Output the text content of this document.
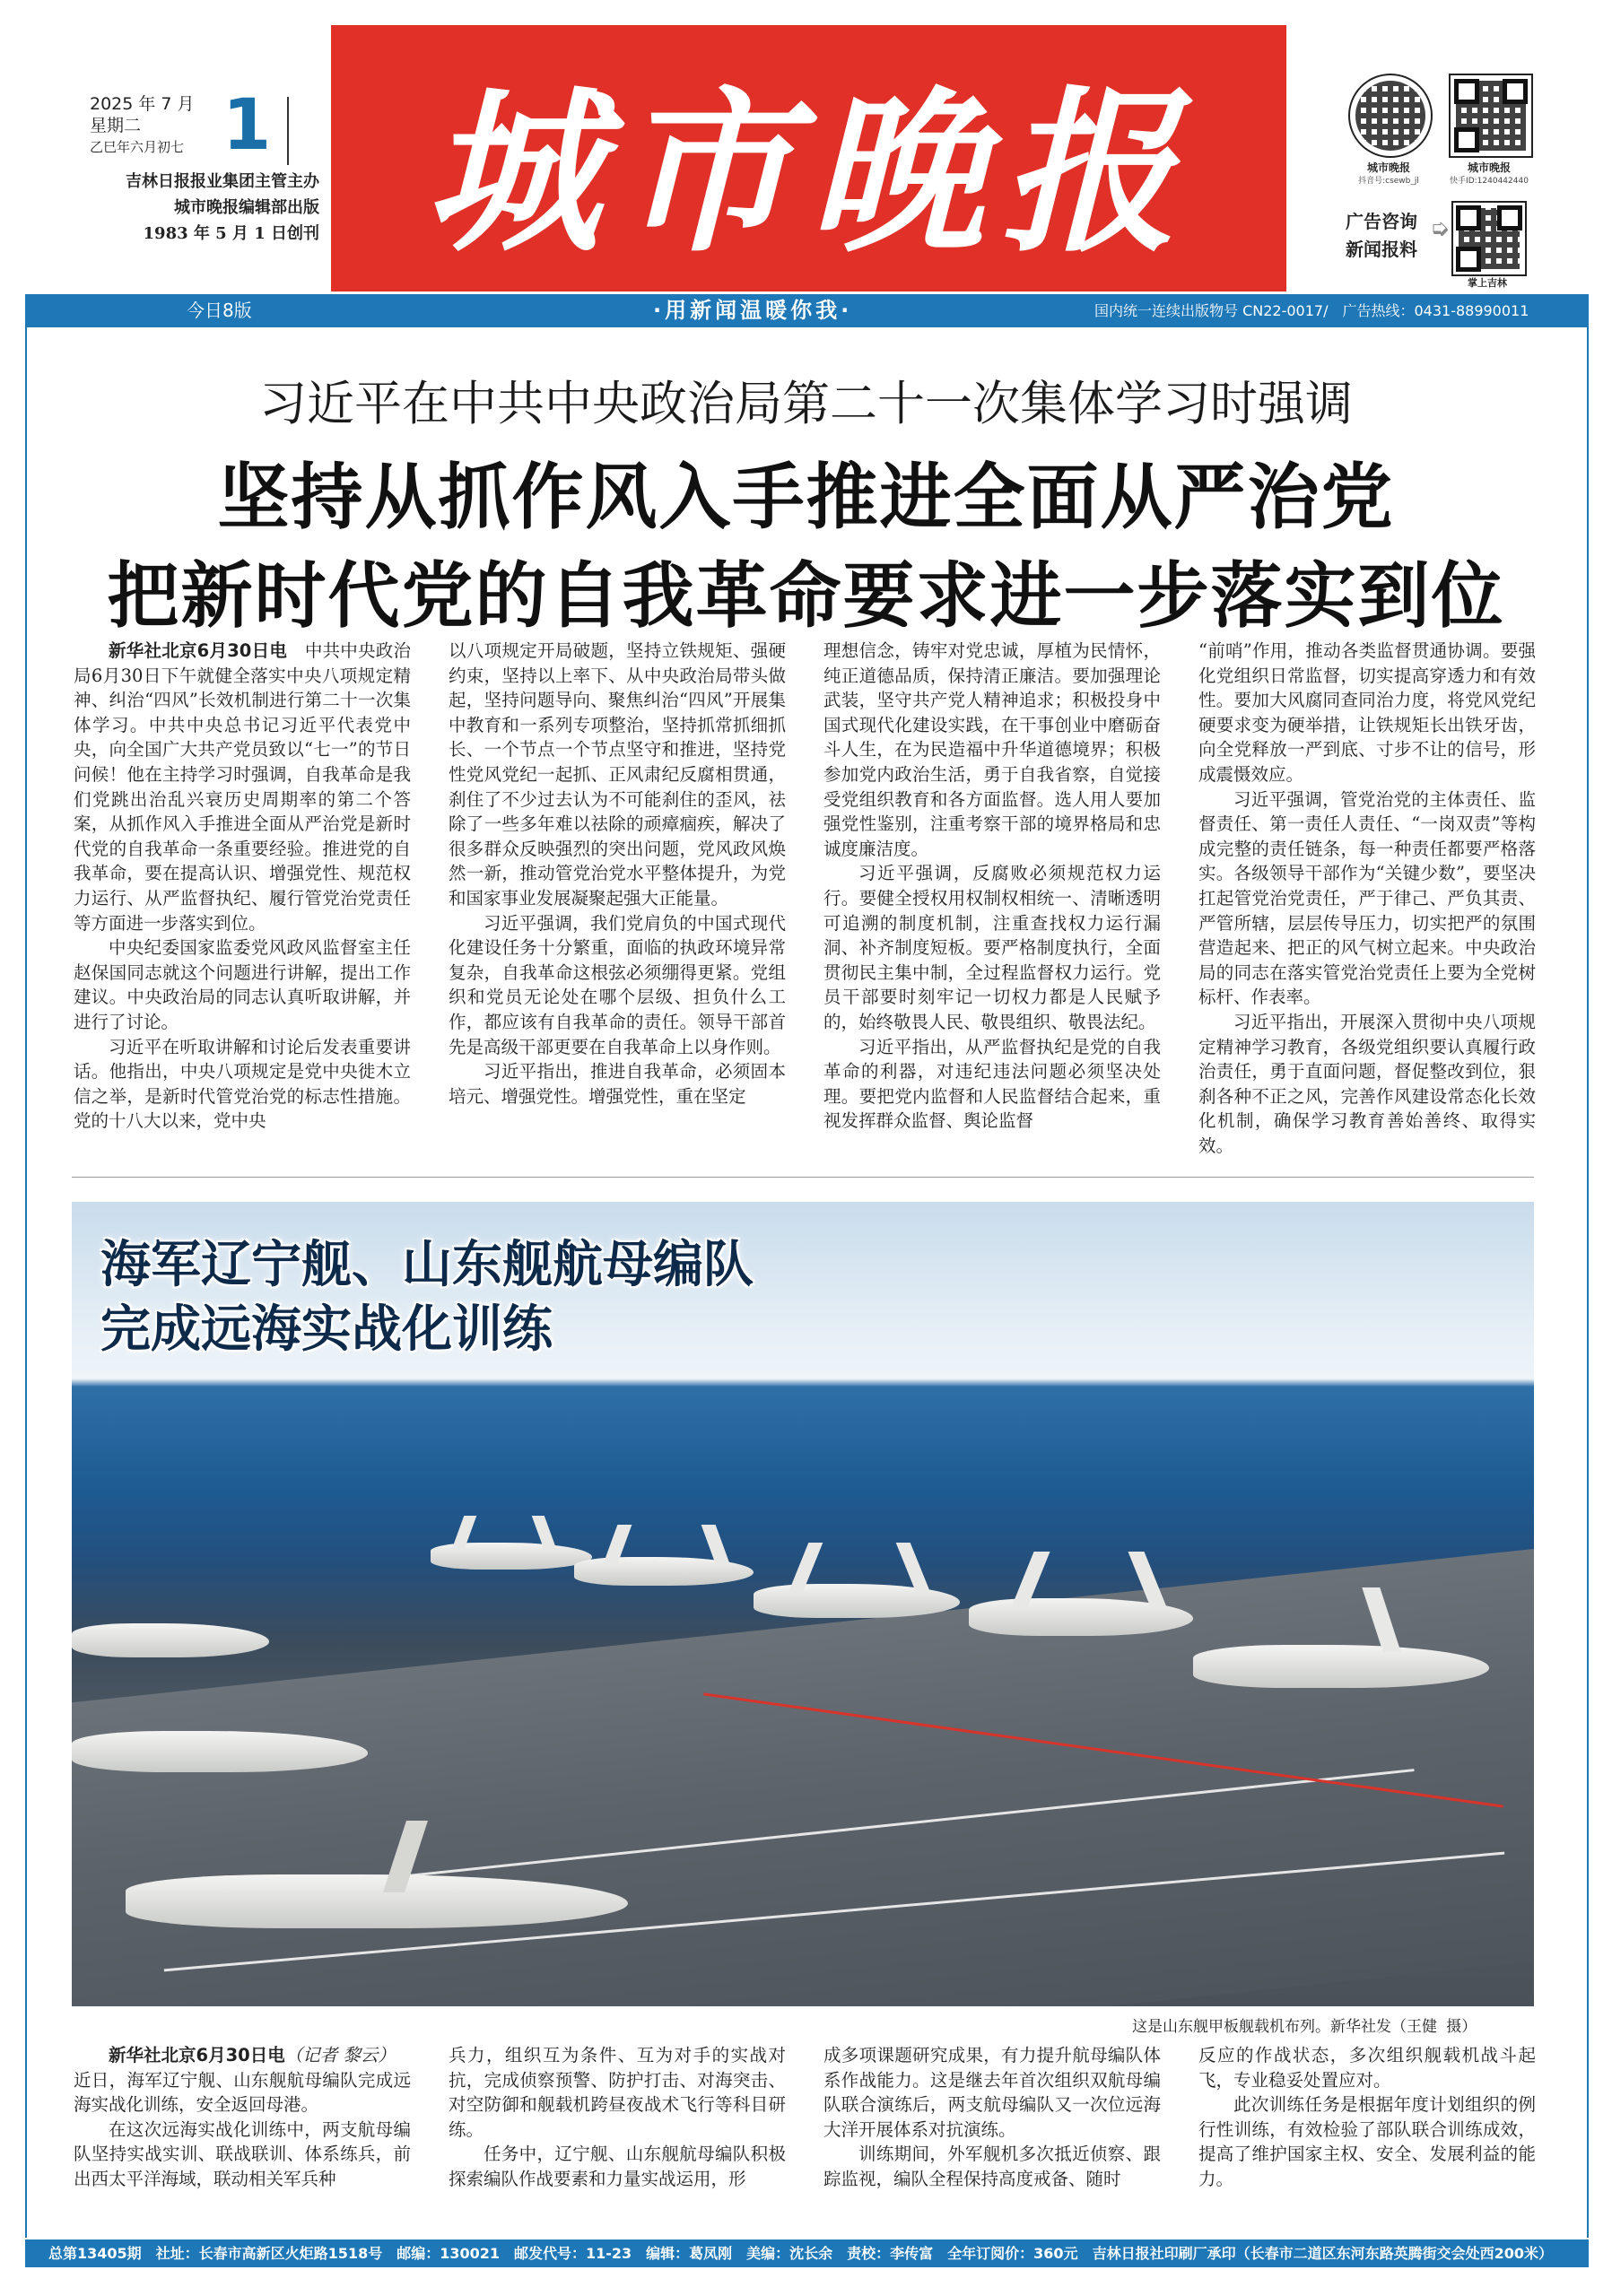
2025 年 7 月
星期二
乙巳年六月初七 1
吉林日报报业集团主管主办
城市晚报编辑部出版
1983 年 5 月 1 日创刊 城市晚报	城市晚报
抖音号:csewb_jl
城市晚报
快手ID:1240442440
广告咨询
新闻报料
➭
掌上吉林
今日8版	·用新闻温暖你我·	国内统一连续出版物号 CN22-0017/　广告热线：0431-88990011
习近平在中共中央政治局第二十一次集体学习时强调
坚持从抓作风入手推进全面从严治党
把新时代党的自我革命要求进一步落实到位

新华社北京6月30日电　 中共中央政治局6月30日下午就健全落实中央八项规定精神、纠治“四风”长效机制进行第二十一次集体学习。中共中央总书记习近平代表党中央，向全国广大共产党员致以“七一”的节日问候！他在主持学习时强调，自我革命是我们党跳出治乱兴衰历史周期率的第二个答案，从抓作风入手推进全面从严治党是新时代党的自我革命一条重要经验。推进党的自我革命，要在提高认识、增强党性、规范权力运行、从严监督执纪、履行管党治党责任等方面进一步落实到位。

中央纪委国家监委党风政风监督室主任赵保国同志就这个问题进行讲解，提出工作建议。中央政治局的同志认真听取讲解，并进行了讨论。

习近平在听取讲解和讨论后发表重要讲话。他指出，中央八项规定是党中央徙木立信之举，是新时代管党治党的标志性措施。党的十八大以来，党中央

以八项规定开局破题，坚持立铁规矩、强硬约束，坚持以上率下、从中央政治局带头做起，坚持问题导向、聚焦纠治“四风”开展集中教育和一系列专项整治，坚持抓常抓细抓长、一个节点一个节点坚守和推进，坚持党性党风党纪一起抓、正风肃纪反腐相贯通，刹住了不少过去认为不可能刹住的歪风，祛除了一些多年难以祛除的顽瘴痼疾，解决了很多群众反映强烈的突出问题，党风政风焕然一新，推动管党治党水平整体提升，为党和国家事业发展凝聚起强大正能量。

习近平强调，我们党肩负的中国式现代化建设任务十分繁重，面临的执政环境异常复杂，自我革命这根弦必须绷得更紧。党组织和党员无论处在哪个层级、担负什么工作，都应该有自我革命的责任。领导干部首先是高级干部更要在自我革命上以身作则。

习近平指出，推进自我革命，必须固本培元、增强党性。增强党性，重在坚定

理想信念，铸牢对党忠诚，厚植为民情怀，纯正道德品质，保持清正廉洁。要加强理论武装，坚守共产党人精神追求；积极投身中国式现代化建设实践，在干事创业中磨砺奋斗人生，在为民造福中升华道德境界；积极参加党内政治生活，勇于自我省察，自觉接受党组织教育和各方面监督。选人用人要加强党性鉴别，注重考察干部的境界格局和忠诚度廉洁度。

习近平强调，反腐败必须规范权力运行。要健全授权用权制权相统一、清晰透明可追溯的制度机制，注重查找权力运行漏洞、补齐制度短板。要严格制度执行，全面贯彻民主集中制，全过程监督权力运行。党员干部要时刻牢记一切权力都是人民赋予的，始终敬畏人民、敬畏组织、敬畏法纪。

习近平指出，从严监督执纪是党的自我革命的利器，对违纪违法问题必须坚决处理。要把党内监督和人民监督结合起来，重视发挥群众监督、舆论监督

“前哨”作用，推动各类监督贯通协调。要强化党组织日常监督，切实提高穿透力和有效性。要加大风腐同查同治力度，将党风党纪硬要求变为硬举措，让铁规矩长出铁牙齿，向全党释放一严到底、寸步不让的信号，形成震慑效应。

习近平强调，管党治党的主体责任、监督责任、第一责任人责任、“一岗双责”等构成完整的责任链条，每一种责任都要严格落实。各级领导干部作为“关键少数”，要坚决扛起管党治党责任，严于律己、严负其责、严管所辖，层层传导压力，切实把严的氛围营造起来、把正的风气树立起来。中央政治局的同志在落实管党治党责任上要为全党树标杆、作表率。

习近平指出，开展深入贯彻中央八项规定精神学习教育，各级党组织要认真履行政治责任，勇于直面问题，督促整改到位，狠刹各种不正之风，完善作风建设常态化长效化机制，确保学习教育善始善终、取得实效。

海军辽宁舰、山东舰航母编队
完成远海实战化训练
这是山东舰甲板舰载机布列。新华社发（王健 摄）

新华社北京6月30日电（记者 黎云）

近日，海军辽宁舰、山东舰航母编队完成远海实战化训练，安全返回母港。

在这次远海实战化训练中，两支航母编队坚持实战实训、联战联训、体系练兵，前出西太平洋海域，联动相关军兵种

兵力，组织互为条件、互为对手的实战对抗，完成侦察预警、防护打击、对海突击、对空防御和舰载机跨昼夜战术飞行等科目研练。

任务中，辽宁舰、山东舰航母编队积极探索编队作战要素和力量实战运用，形

成多项课题研究成果，有力提升航母编队体系作战能力。这是继去年首次组织双航母编队联合演练后，两支航母编队又一次位远海大洋开展体系对抗演练。

训练期间，外军舰机多次抵近侦察、跟踪监视，编队全程保持高度戒备、随时

反应的作战状态，多次组织舰载机战斗起飞，专业稳妥处置应对。

此次训练任务是根据年度计划组织的例行性训练，有效检验了部队联合训练成效，提高了维护国家主权、安全、发展利益的能力。

总第13405期　社址：长春市高新区火炬路1518号　邮编：130021　邮发代号：11-23　编辑：葛凤刚　美编：沈长余　责校：李传富　全年订阅价：360元　吉林日报社印刷厂承印（长春市二道区东河东路英腾街交会处西200米）
